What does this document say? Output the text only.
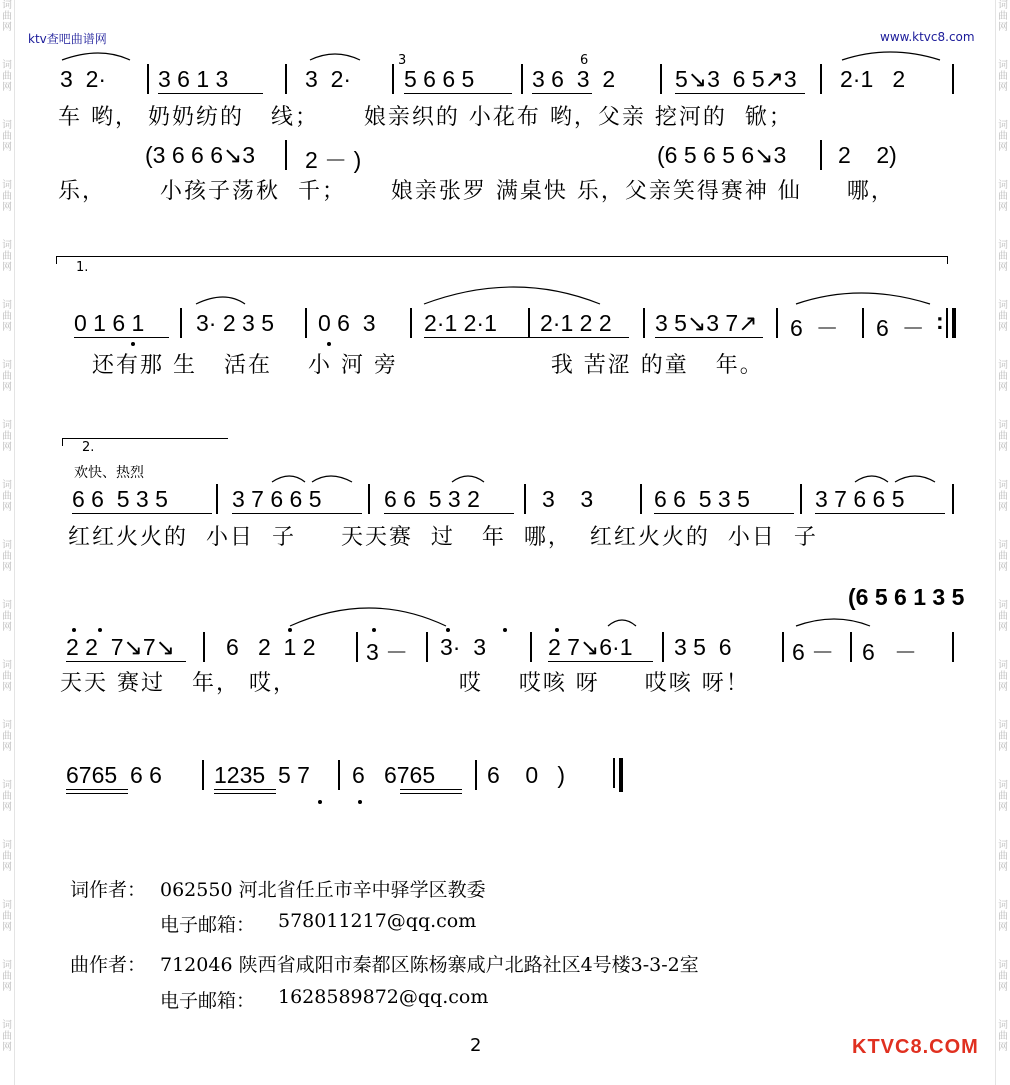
ktv查吧曲谱网	www.ktvc8.com
3  2· 3 6 1 3	3  2·
3
5 6 6 5
6
3 6  3  2	5↘3  6 5↗3 2·1   2
车 哟， 奶奶纺的   线；     娘亲织的 小花布 哟，父亲 挖河的  锨；
(3 6 6 6↘3 2 － )	(6 5 6 5 6↘3 2    2)
乐，      小孩子荡秋  千；     娘亲张罗 满桌快 乐，父亲笑得赛神 仙     哪，
1.
0 1 6 1 3· 2 3 5 0 6  3 2·1 2·1 2·1 2 2 3 5↘3 7↗ 6  － 6  － :
还有那 生   活在    小 河 旁                 我 苦涩 的童   年。
2.
欢快、热烈
6 6  5 3 5	3 7 6 6 5	6 6  5 3 2	3    3	6 6  5 3 5	3 7 6 6 5
红红火火的  小日  子     天天赛  过   年  哪，  红红火火的  小日  子
(6 5 6 1 3 5
2 2  7↘7↘ 6   2  1 2 3 － 3·  3	2 7↘6·1 3 5  6	6 － 6   －
天天 赛过   年， 哎，                  哎    哎咳 呀     哎咳 呀！
6765  6 6 1235  5 7 6   6765 6    0   )
词作者： 062550 河北省任丘市辛中驿学区教委
电子邮箱： 578011217@qq.com
曲作者： 712046 陕西省咸阳市秦都区陈杨寨咸户北路社区4号楼3-3-2室
电子邮箱： 1628589872@qq.com
2	KTVC8.COM
词
曲
网
词
曲
网
词
曲
网
词
曲
网
词
曲
网
词
曲
网
词
曲
网
词
曲
网
词
曲
网
词
曲
网
词
曲
网
词
曲
网
词
曲
网
词
曲
网
词
曲
网
词
曲
网
词
曲
网
词
曲
网
词
曲
网
词
曲
网
词
曲
网
词
曲
网
词
曲
网
词
曲
网
词
曲
网
词
曲
网
词
曲
网
词
曲
网
词
曲
网
词
曲
网
词
曲
网
词
曲
网
词
曲
网
词
曲
网
词
曲
网
词
曲
网
